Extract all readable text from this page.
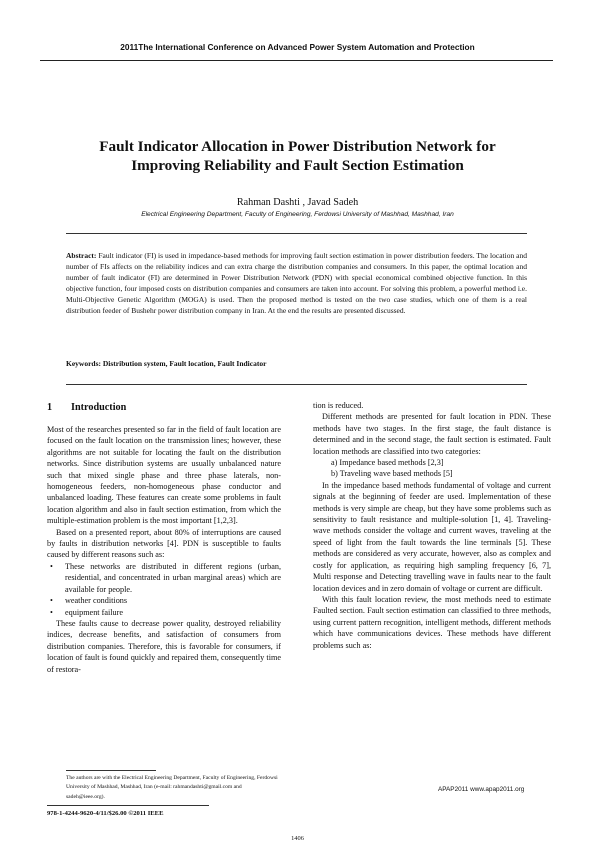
2011The International Conference on Advanced Power System Automation and Protection
Fault Indicator Allocation in Power Distribution Network for
Improving Reliability and Fault Section Estimation
Rahman Dashti , Javad Sadeh
Electrical Engineering Department, Faculty of Engineering, Ferdowsi University of Mashhad, Mashhad, Iran
Abstract: Fault indicator (FI) is used in impedance-based methods for improving fault section estimation in power distribution feeders. The location and number of FIs affects on the reliability indices and can extra charge the distribution companies and consumers. In this paper, the optimal location and number of fault indicator (FI) are determined in Power Distribution Network (PDN) with special economical combined objective function. In this objective function, four imposed costs on distribution companies and consumers are taken into account. For solving this problem, a powerful method i.e. Multi-Objective Genetic Algorithm (MOGA) is used. Then the proposed method is tested on the two case studies, which one of them is a real distribution feeder of Bushehr power distribution company in Iran. At the end the results are presented discussed.
Keywords: Distribution system, Fault location, Fault Indicator
1 Introduction

Most of the researches presented so far in the field of fault location are focused on the fault location on the transmission lines; however, these algorithms are not suitable for locating the fault on the distribution networks. Since distribution systems are usually unbalanced nature such that mixed single phase and three phase laterals, non-homogeneous feeders, non-homogeneous phase conductor and unbalanced loading. These features can create some problems in fault location algorithm and also in fault section estimation, from which the multiple-estimation problem is the most important [1,2,3].

Based on a presented report, about 80% of interruptions are caused by faults in distribution networks [4]. PDN is susceptible to faults caused by different reasons such as:

• These networks are distributed in different regions (urban, residential, and concentrated in urban marginal areas) which are available for people.
• weather conditions
• equipment failure

These faults cause to decrease power quality, destroyed reliability indices, decrease benefits, and satisfaction of consumers from distribution companies. Therefore, this is favorable for consumers, if location of fault is found quickly and repaired them, consequently time of restora-

tion is reduced.

Different methods are presented for fault location in PDN. These methods have two stages. In the first stage, the fault distance is determined and in the second stage, the fault section is estimated. Fault location methods are classified into two categories:

a) Impedance based methods [2,3]

b) Traveling wave based methods [5]

In the impedance based methods fundamental of voltage and current signals at the beginning of feeder are used. Implementation of these methods is very simple are cheap, but they have some problems such as sensitivity to fault resistance and multiple-solution [1, 4]. Traveling-wave methods consider the voltage and current waves, traveling at the speed of light from the fault towards the line terminals [5]. These methods are considered as very accurate, however, also as complex and costly for application, as requiring high sampling frequency [6, 7], Multi response and Detecting travelling wave in faults near to the fault location devices and in zero domain of voltage or current are difficult.

With this fault location review, the most methods need to estimate Faulted section. Fault section estimation can classified to three methods, using current pattern recognition, intelligent methods, different methods which have communications devices. These methods have different problems such as:

The authors are with the Electrical Engineering Department, Faculty of Engineering, Ferdowsi University of Mashhad, Mashhad, Iran (e-mail: rahmandashti@gmail.com and sadeh@ieee.org).
APAP2011 www.apap2011.org
978-1-4244-9620-4/11/$26.00 ©2011 IEEE
1406
